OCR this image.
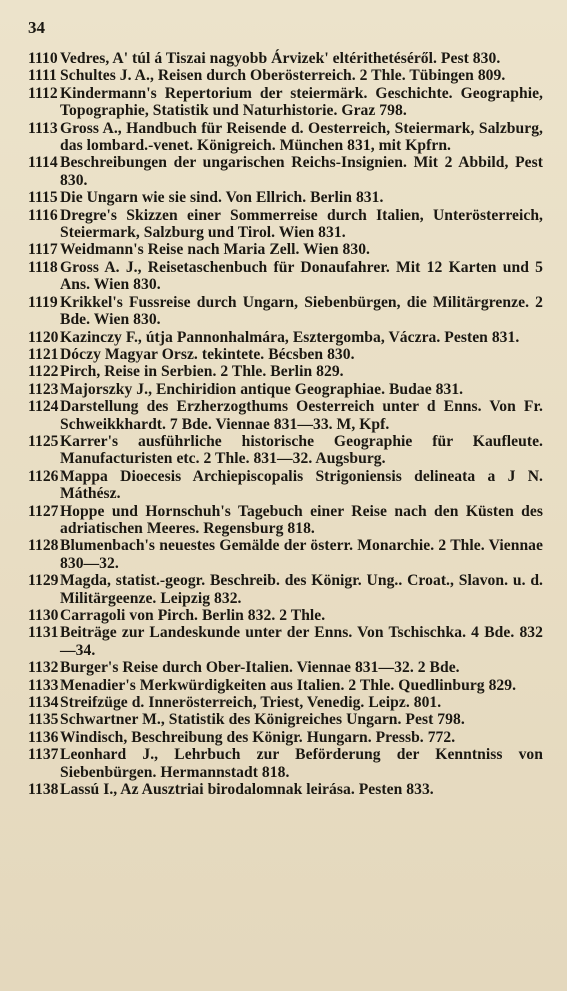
34
1110 Vedres, A' túl á Tiszai nagyobb Árvizek' eltérithetéséről. Pest 830.
1111 Schultes J. A., Reisen durch Oberösterreich. 2 Thle. Tübingen 809.
1112 Kindermann's Repertorium der steiermärk. Geschichte. Geographie, Topographie, Statistik und Naturhistorie. Graz 798.
1113 Gross A., Handbuch für Reisende d. Oesterreich, Steiermark, Salzburg, das lombard.-venet. Königreich. München 831, mit Kpfrn.
1114 Beschreibungen der ungarischen Reichs-Insignien. Mit 2 Abbild, Pest 830.
1115 Die Ungarn wie sie sind. Von Ellrich. Berlin 831.
1116 Dregre's Skizzen einer Sommerreise durch Italien, Unterösterreich, Steiermark, Salzburg und Tirol. Wien 831.
1117 Weidmann's Reise nach Maria Zell. Wien 830.
1118 Gross A. J., Reisetaschenbuch für Donaufahrer. Mit 12 Karten und 5 Ans. Wien 830.
1119 Krikkel's Fussreise durch Ungarn, Siebenbürgen, die Militärgrenze. 2 Bde. Wien 830.
1120 Kazinczy F., útja Pannonhalmára, Esztergomba, Váczra. Pesten 831.
1121 Dóczy Magyar Orsz. tekintete. Bécsben 830.
1122 Pirch, Reise in Serbien. 2 Thle. Berlin 829.
1123 Majorszky J., Enchiridion antique Geographiae. Budae 831.
1124 Darstellung des Erzherzogthums Oesterreich unter d Enns. Von Fr. Schweikkhardt. 7 Bde. Viennae 831—33. M, Kpf.
1125 Karrer's ausführliche historische Geographie für Kaufleute. Manufacturisten etc. 2 Thle. 831—32. Augsburg.
1126 Mappa Dioecesis Archiepiscopalis Strigoniensis delineata a J N. Máthész.
1127 Hoppe und Hornschuh's Tagebuch einer Reise nach den Küsten des adriatischen Meeres. Regensburg 818.
1128 Blumenbach's neuestes Gemälde der österr. Monarchie. 2 Thle. Viennae 830—32.
1129 Magda, statist.-geogr. Beschreib. des Königr. Ung.. Croat., Slavon. u. d. Militärgeenze. Leipzig 832.
1130 Carragoli von Pirch. Berlin 832. 2 Thle.
1131 Beiträge zur Landeskunde unter der Enns. Von Tschischka. 4 Bde. 832—34.
1132 Burger's Reise durch Ober-Italien. Viennae 831—32. 2 Bde.
1133 Menadier's Merkwürdigkeiten aus Italien. 2 Thle. Quedlinburg 829.
1134 Streifzüge d. Innerösterreich, Triest, Venedig. Leipz. 801.
1135 Schwartner M., Statistik des Königreiches Ungarn. Pest 798.
1136 Windisch, Beschreibung des Königr. Hungarn. Pressb. 772.
1137 Leonhard J., Lehrbuch zur Beförderung der Kenntniss von Siebenbürgen. Hermannstadt 818.
1138 Lassú I., Az Ausztriai birodalomnak leirása. Pesten 833.
